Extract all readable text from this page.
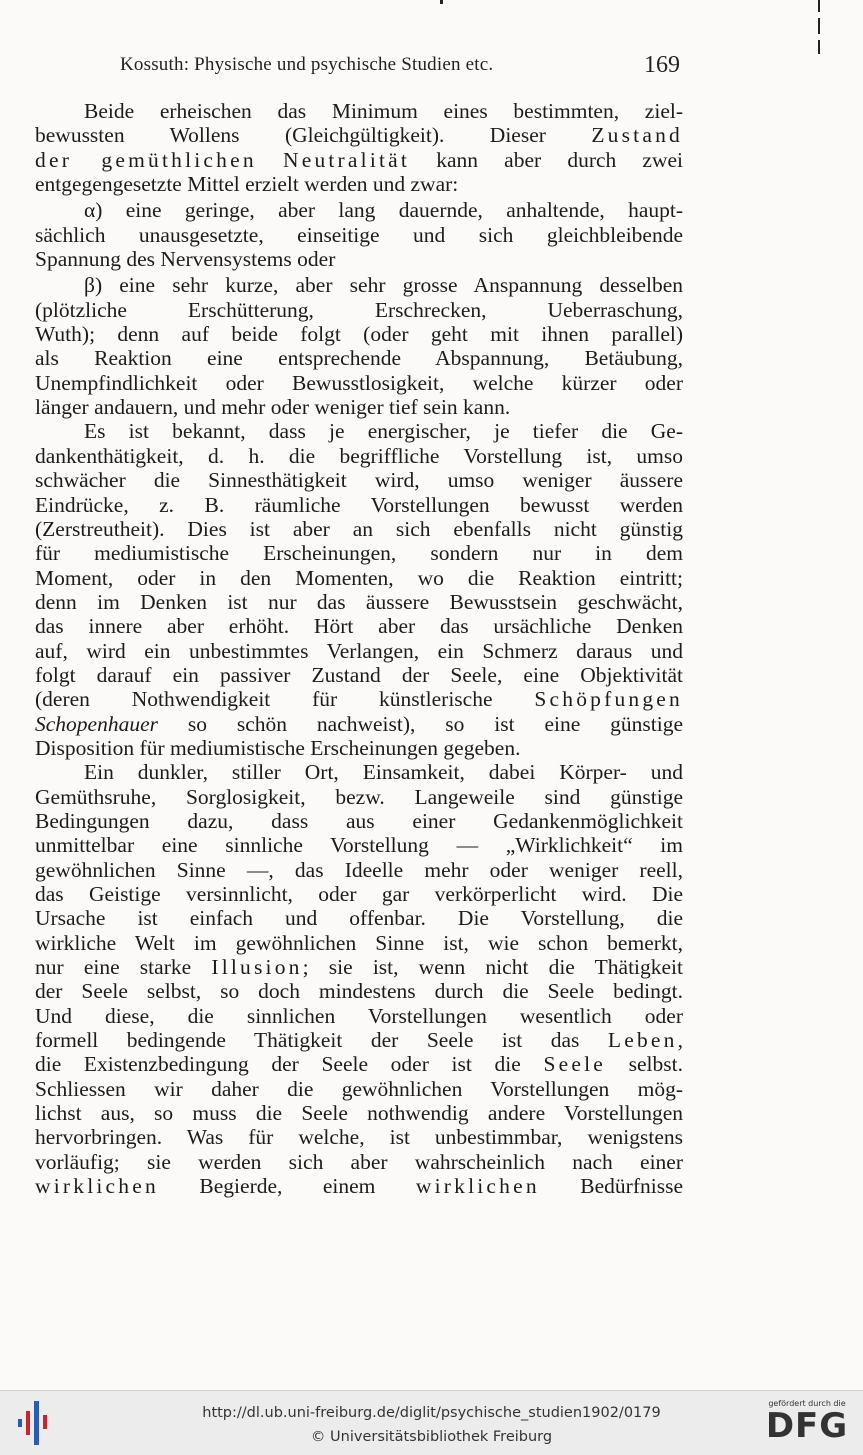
Kossuth: Physische und psychische Studien etc.	169
Beide erheischen das Minimum eines bestimmten, ziel-
bewussten Wollens (Gleichgültigkeit). Dieser Zustand
der gemüthlichen Neutralität kann aber durch zwei
entgegengesetzte Mittel erzielt werden und zwar:
α) eine geringe, aber lang dauernde, anhaltende, haupt-
sächlich unausgesetzte, einseitige und sich gleichbleibende
Spannung des Nervensystems oder
β) eine sehr kurze, aber sehr grosse Anspannung desselben
(plötzliche Erschütterung, Erschrecken, Ueberraschung,
Wuth); denn auf beide folgt (oder geht mit ihnen parallel)
als Reaktion eine entsprechende Abspannung, Betäubung,
Unempfindlichkeit oder Bewusstlosigkeit, welche kürzer oder
länger andauern, und mehr oder weniger tief sein kann.
Es ist bekannt, dass je energischer, je tiefer die Ge-
dankenthätigkeit, d. h. die begriffliche Vorstellung ist, umso
schwächer die Sinnesthätigkeit wird, umso weniger äussere
Eindrücke, z. B. räumliche Vorstellungen bewusst werden
(Zerstreutheit). Dies ist aber an sich ebenfalls nicht günstig
für mediumistische Erscheinungen, sondern nur in dem
Moment, oder in den Momenten, wo die Reaktion eintritt;
denn im Denken ist nur das äussere Bewusstsein geschwächt,
das innere aber erhöht. Hört aber das ursächliche Denken
auf, wird ein unbestimmtes Verlangen, ein Schmerz daraus und
folgt darauf ein passiver Zustand der Seele, eine Objektivität
(deren Nothwendigkeit für künstlerische Schöpfungen
Schopenhauer so schön nachweist), so ist eine günstige
Disposition für mediumistische Erscheinungen gegeben.
Ein dunkler, stiller Ort, Einsamkeit, dabei Körper- und
Gemüthsruhe, Sorglosigkeit, bezw. Langeweile sind günstige
Bedingungen dazu, dass aus einer Gedankenmöglichkeit
unmittelbar eine sinnliche Vorstellung — „Wirklichkeit“ im
gewöhnlichen Sinne —, das Ideelle mehr oder weniger reell,
das Geistige versinnlicht, oder gar verkörperlicht wird. Die
Ursache ist einfach und offenbar. Die Vorstellung, die
wirkliche Welt im gewöhnlichen Sinne ist, wie schon bemerkt,
nur eine starke Illusion; sie ist, wenn nicht die Thätigkeit
der Seele selbst, so doch mindestens durch die Seele bedingt.
Und diese, die sinnlichen Vorstellungen wesentlich oder
formell bedingende Thätigkeit der Seele ist das Leben,
die Existenzbedingung der Seele oder ist die Seele selbst.
Schliessen wir daher die gewöhnlichen Vorstellungen mög-
lichst aus, so muss die Seele nothwendig andere Vorstellungen
hervorbringen. Was für welche, ist unbestimmbar, wenigstens
vorläufig; sie werden sich aber wahrscheinlich nach einer
wirklichen Begierde, einem wirklichen Bedürfnisse
http://dl.ub.uni-freiburg.de/diglit/psychische_studien1902/0179
© Universitätsbibliothek Freiburg
gefördert durch die
DFG
